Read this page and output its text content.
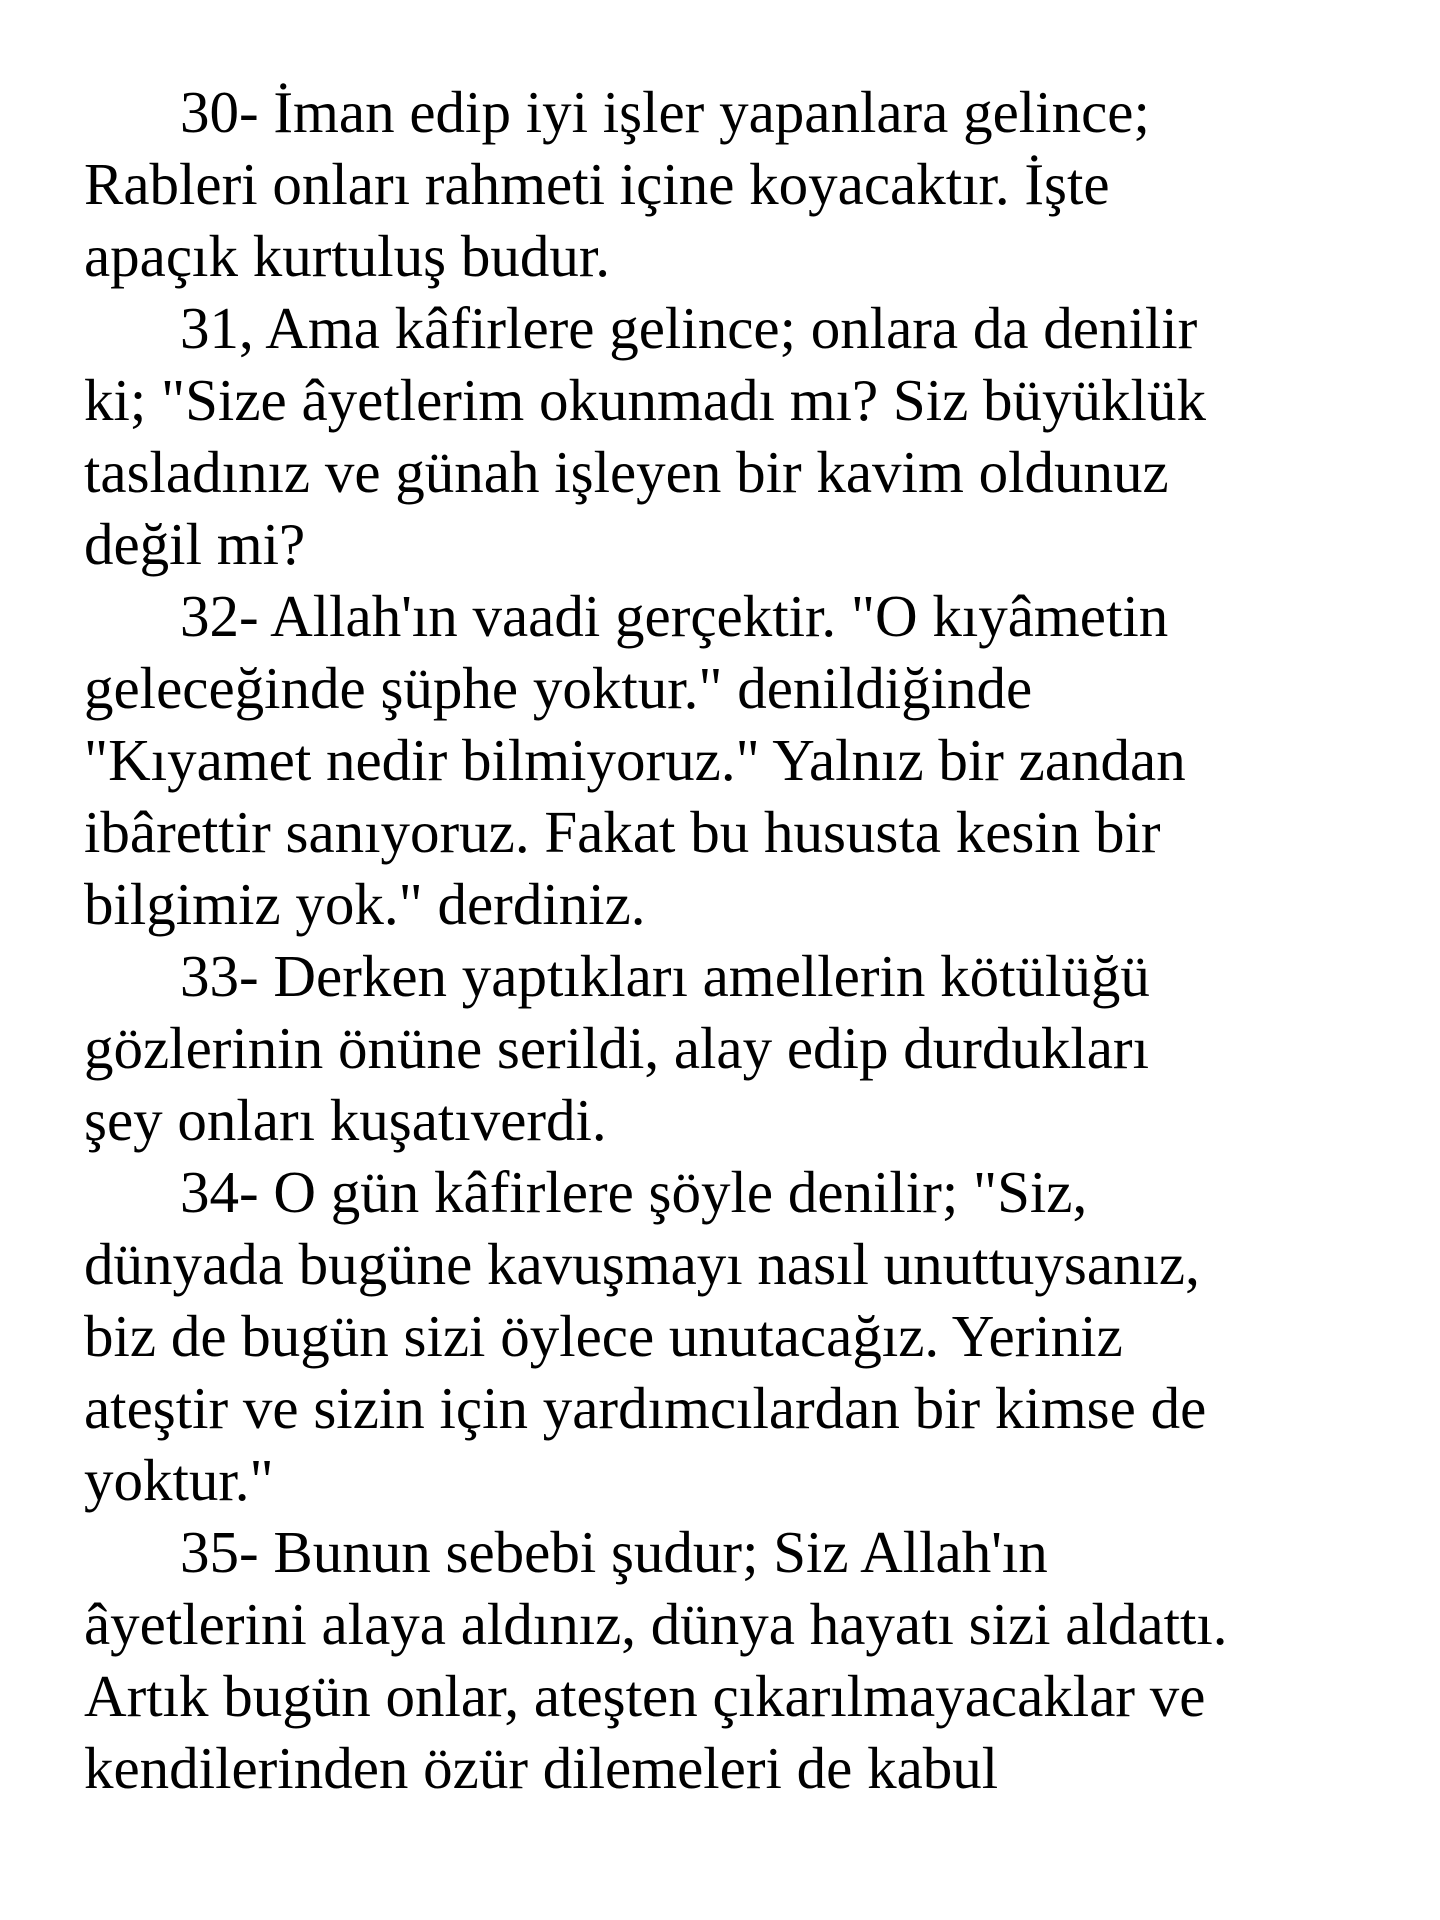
30- İman edip iyi işler yapanlara gelince;
Rableri onları rahmeti içine koyacaktır. İşte
apaçık kurtuluş budur.
31, Ama kâfirlere gelince; onlara da denilir
ki; "Size âyetlerim okunmadı mı? Siz büyüklük
tasladınız ve günah işleyen bir kavim oldunuz
değil mi?
32- Allah'ın vaadi gerçektir. "O kıyâmetin
geleceğinde şüphe yoktur." denildiğinde
"Kıyamet nedir bilmiyoruz." Yalnız bir zandan
ibârettir sanıyoruz. Fakat bu hususta kesin bir
bilgimiz yok." derdiniz.
33- Derken yaptıkları amellerin kötülüğü
gözlerinin önüne serildi, alay edip durdukları
şey onları kuşatıverdi.
34- O gün kâfirlere şöyle denilir; "Siz,
dünyada bugüne kavuşmayı nasıl unuttuysanız,
biz de bugün sizi öylece unutacağız. Yeriniz
ateştir ve sizin için yardımcılardan bir kimse de
yoktur."
35- Bunun sebebi şudur; Siz Allah'ın
âyetlerini alaya aldınız, dünya hayatı sizi aldattı.
Artık bugün onlar, ateşten çıkarılmayacaklar ve
kendilerinden özür dilemeleri de kabul
